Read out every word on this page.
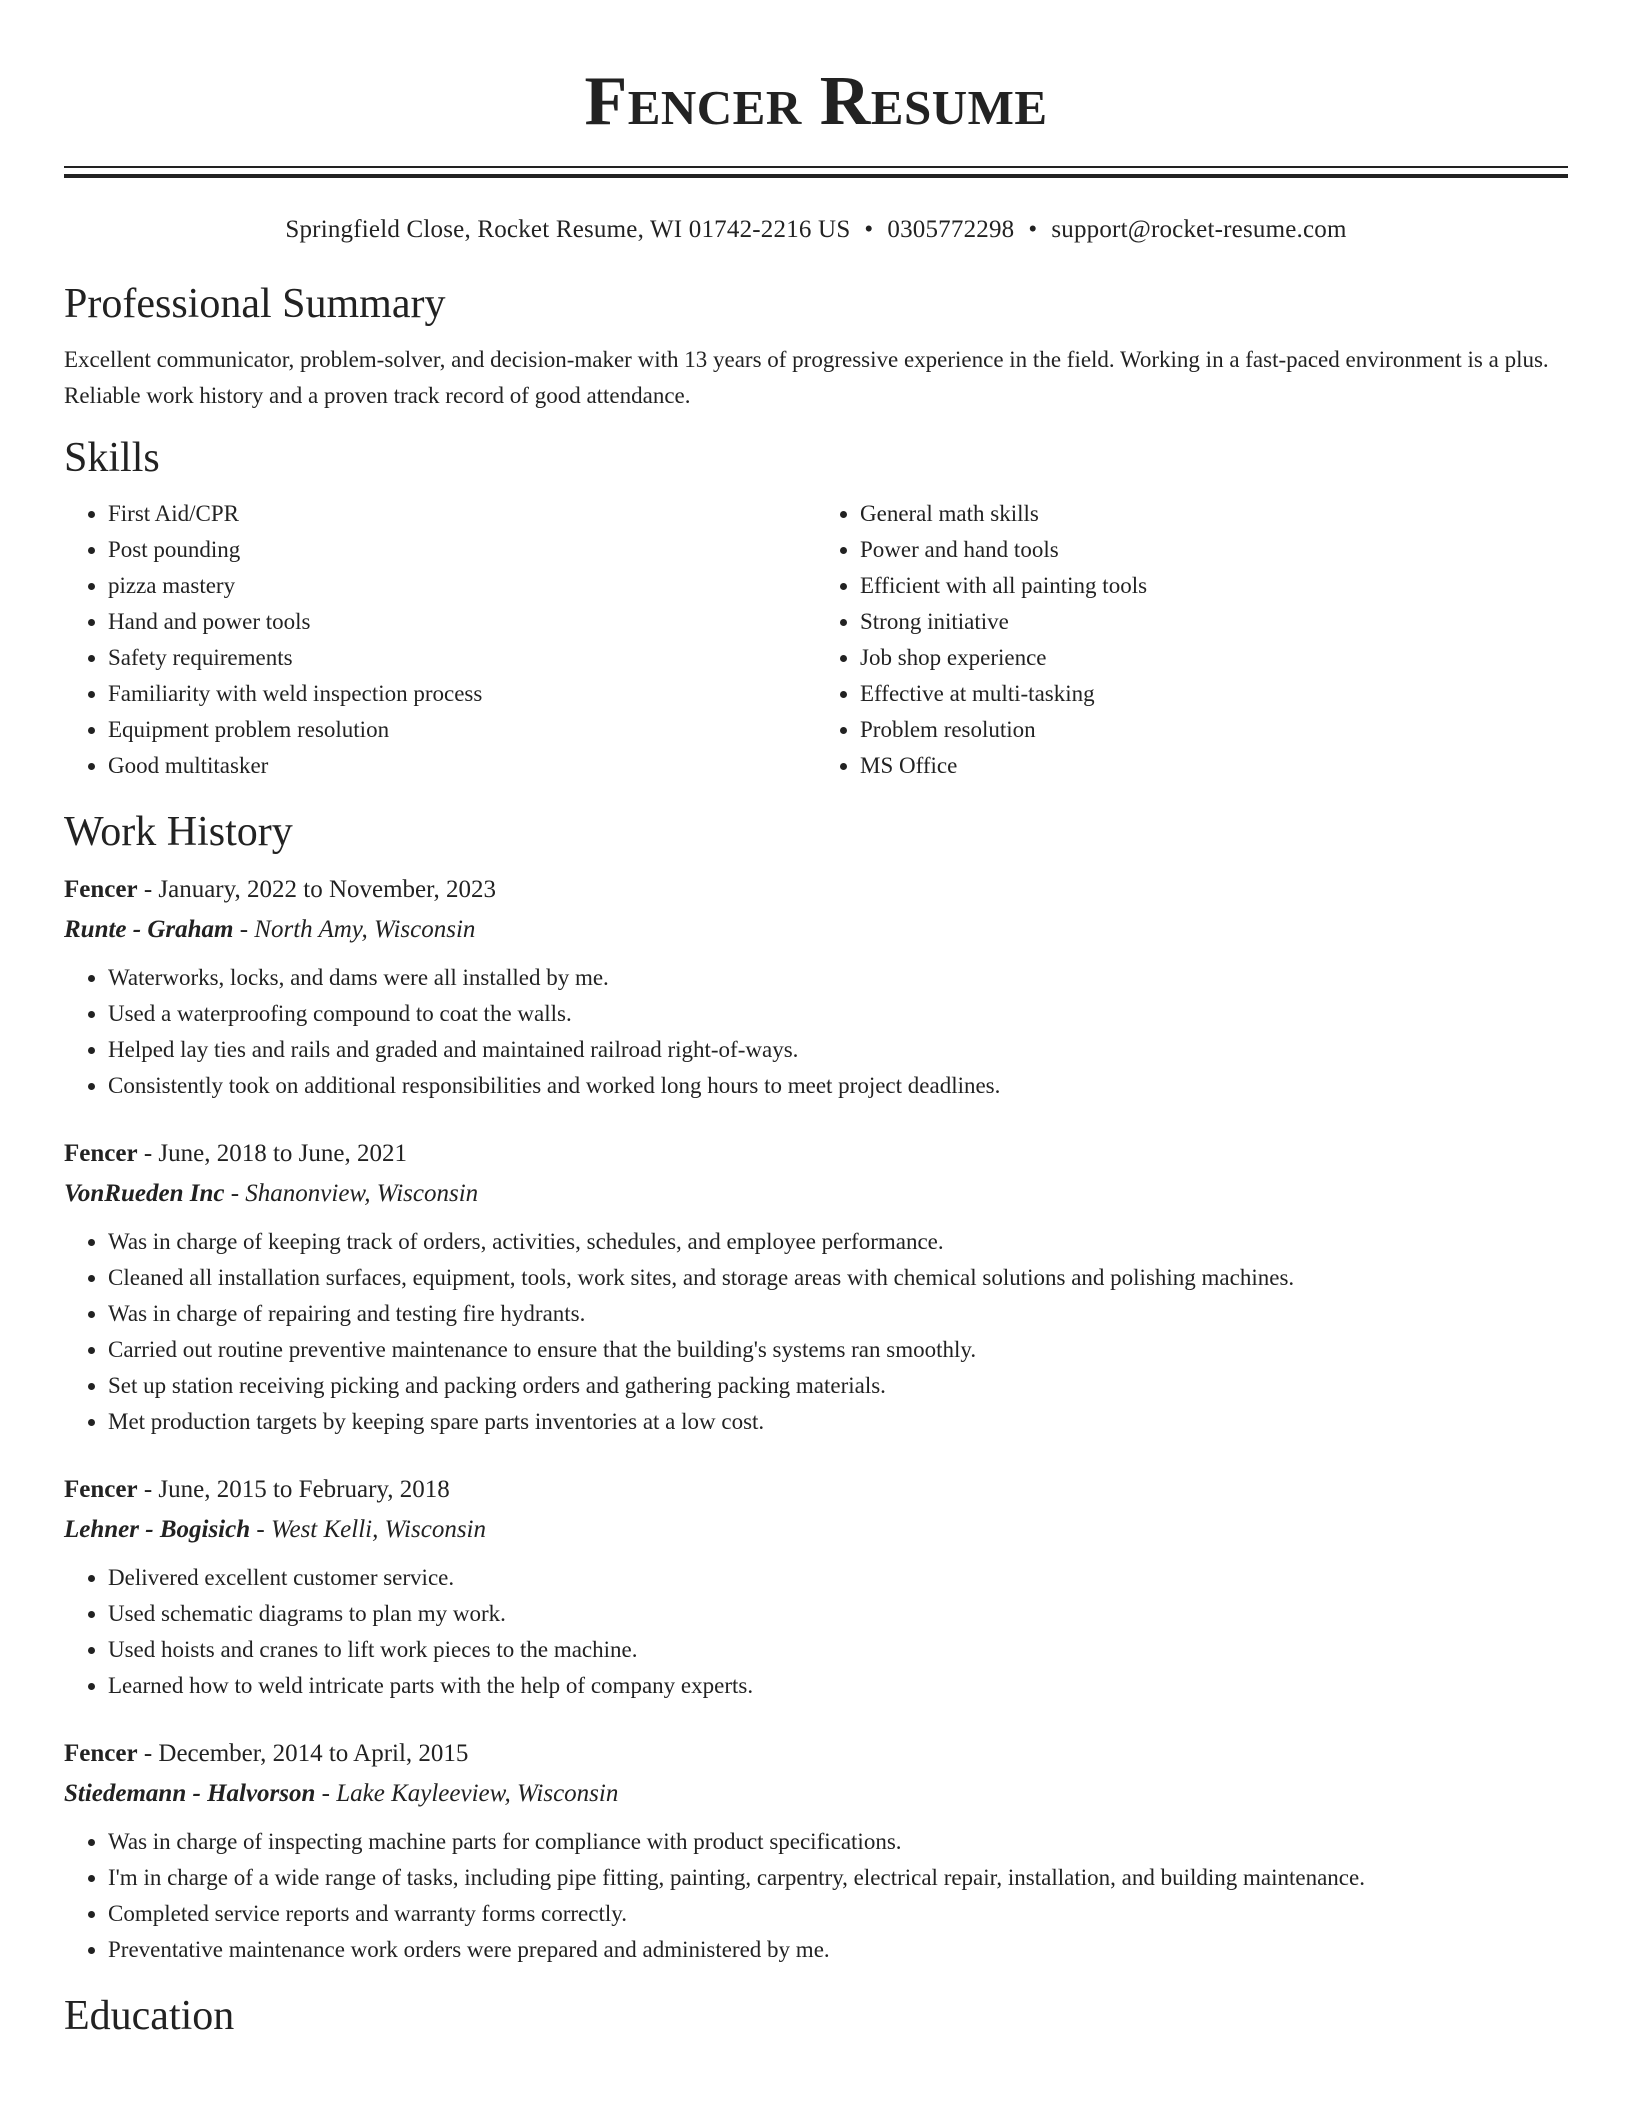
Fencer Resume
Springfield Close, Rocket Resume, WI 01742-2216 US • 0305772298 • support@rocket-resume.com
Professional Summary

Excellent communicator, problem-solver, and decision-maker with 13 years of progressive experience in the field. Working in a fast-paced environment is a plus. Reliable work history and a proven track record of good attendance.

Skills
• First Aid/CPR
• Post pounding
• pizza mastery
• Hand and power tools
• Safety requirements
• Familiarity with weld inspection process
• Equipment problem resolution
• Good multitasker
• General math skills
• Power and hand tools
• Efficient with all painting tools
• Strong initiative
• Job shop experience
• Effective at multi-tasking
• Problem resolution
• MS Office
Work History
Fencer - January, 2022 to November, 2023
Runte - Graham - North Amy, Wisconsin
• Waterworks, locks, and dams were all installed by me.
• Used a waterproofing compound to coat the walls.
• Helped lay ties and rails and graded and maintained railroad right-of-ways.
• Consistently took on additional responsibilities and worked long hours to meet project deadlines.
Fencer - June, 2018 to June, 2021
VonRueden Inc - Shanonview, Wisconsin
• Was in charge of keeping track of orders, activities, schedules, and employee performance.
• Cleaned all installation surfaces, equipment, tools, work sites, and storage areas with chemical solutions and polishing machines.
• Was in charge of repairing and testing fire hydrants.
• Carried out routine preventive maintenance to ensure that the building's systems ran smoothly.
• Set up station receiving picking and packing orders and gathering packing materials.
• Met production targets by keeping spare parts inventories at a low cost.
Fencer - June, 2015 to February, 2018
Lehner - Bogisich - West Kelli, Wisconsin
• Delivered excellent customer service.
• Used schematic diagrams to plan my work.
• Used hoists and cranes to lift work pieces to the machine.
• Learned how to weld intricate parts with the help of company experts.
Fencer - December, 2014 to April, 2015
Stiedemann - Halvorson - Lake Kayleeview, Wisconsin
• Was in charge of inspecting machine parts for compliance with product specifications.
• I'm in charge of a wide range of tasks, including pipe fitting, painting, carpentry, electrical repair, installation, and building maintenance.
• Completed service reports and warranty forms correctly.
• Preventative maintenance work orders were prepared and administered by me.
Education
